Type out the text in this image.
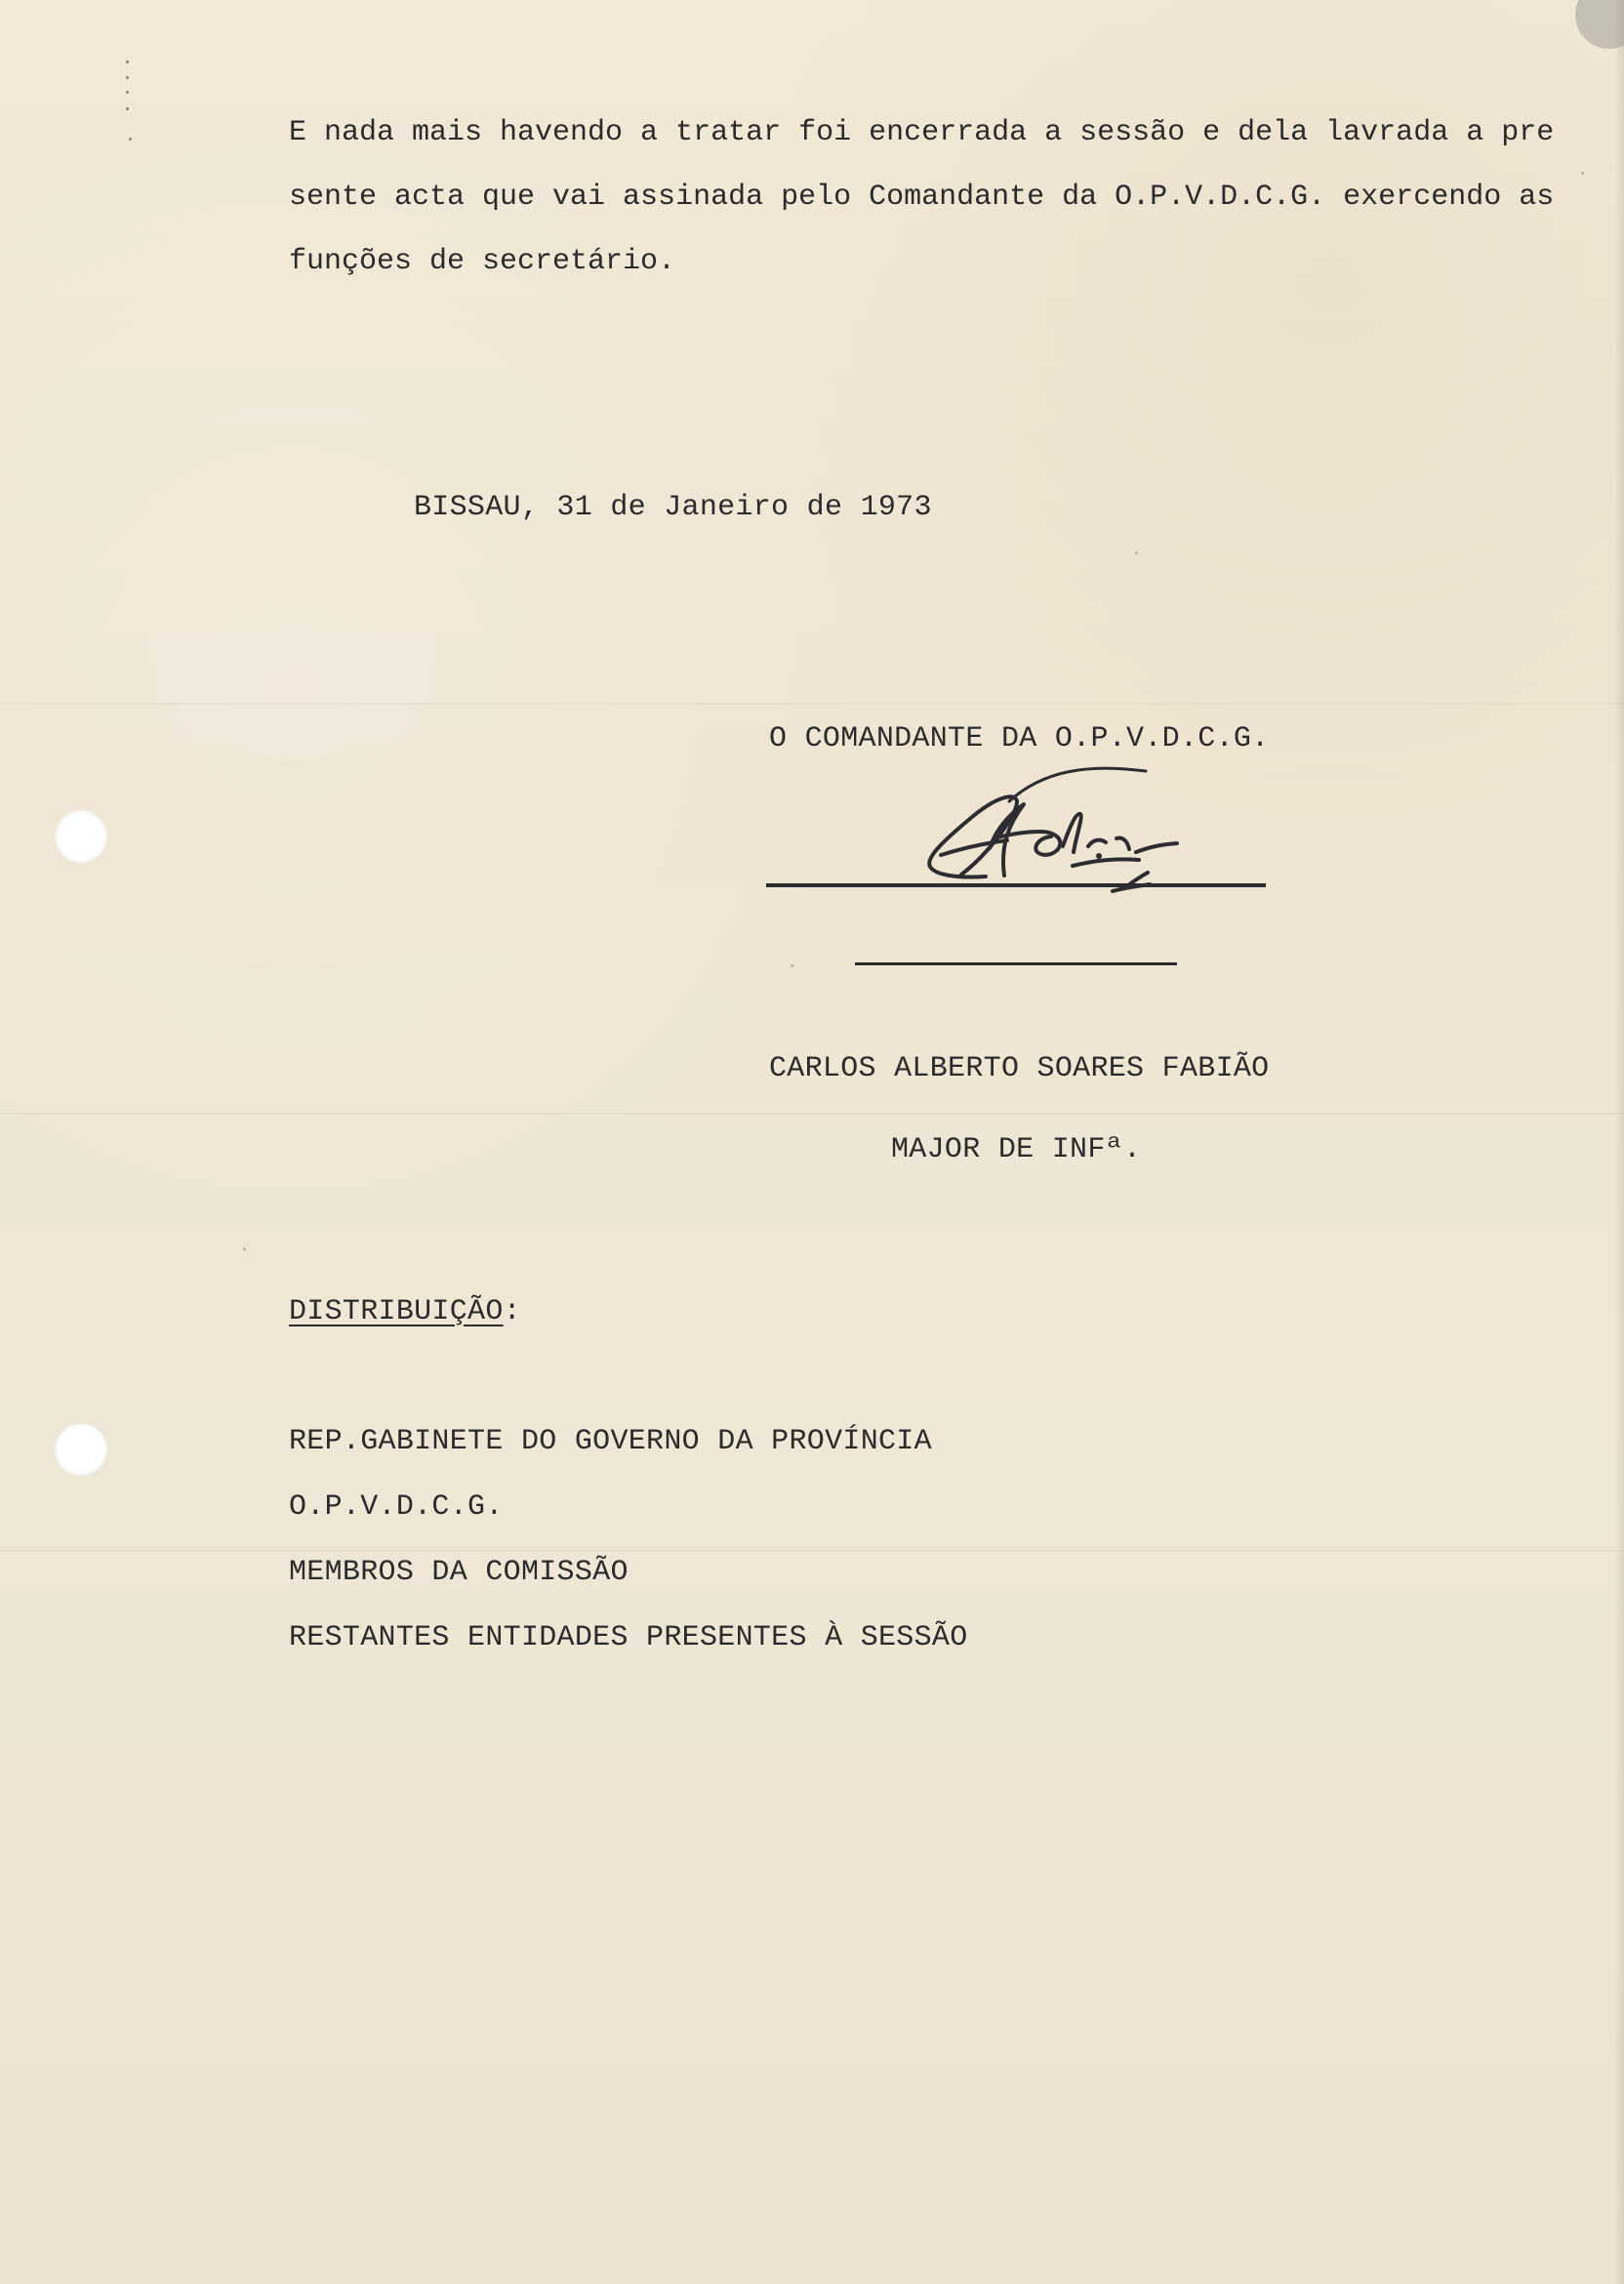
E nada mais havendo a tratar foi encerrada a sessão e dela lavrada a pre
sente acta que vai assinada pelo Comandante da O.P.V.D.C.G. exercendo as
funções de secretário.
BISSAU, 31 de Janeiro de 1973
O COMANDANTE DA O.P.V.D.C.G.
CARLOS ALBERTO SOARES FABIÃO
MAJOR DE INFª.
DISTRIBUIÇÃO:
REP.GABINETE DO GOVERNO DA PROVÍNCIA
O.P.V.D.C.G.
MEMBROS DA COMISSÃO
RESTANTES ENTIDADES PRESENTES À SESSÃO
